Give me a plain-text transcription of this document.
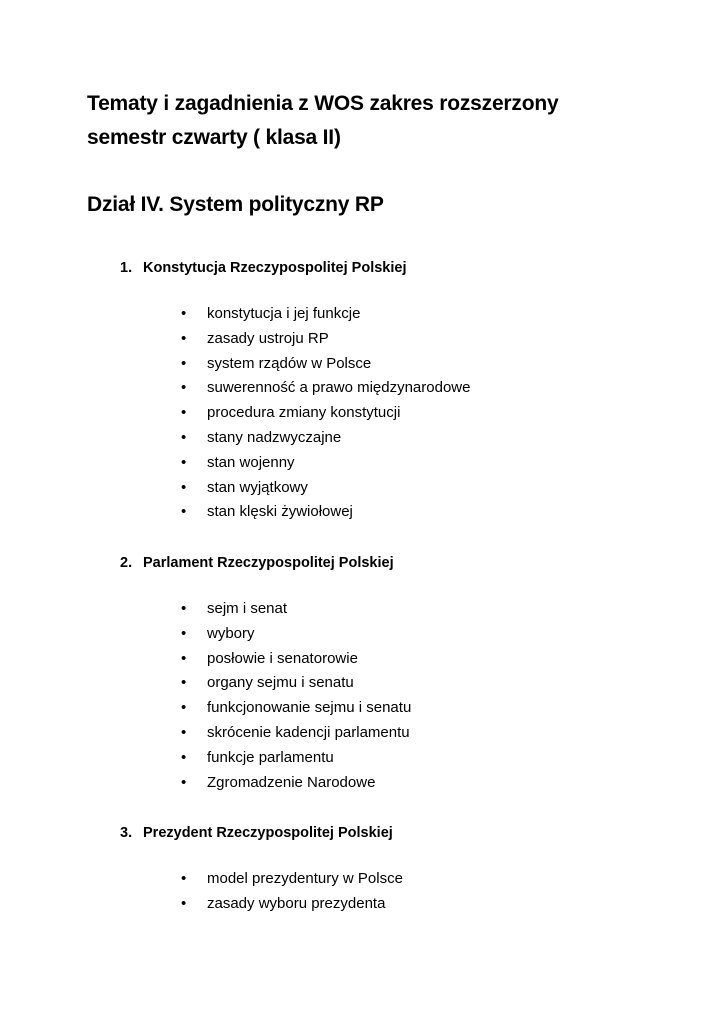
Tematy i zagadnienia z WOS zakres rozszerzony
semestr czwarty ( klasa II)
Dział IV. System polityczny RP
1. Konstytucja Rzeczypospolitej Polskiej
• konstytucja i jej funkcje
• zasady ustroju RP
• system rządów w Polsce
• suwerenność a prawo międzynarodowe
• procedura zmiany konstytucji
• stany nadzwyczajne
• stan wojenny
• stan wyjątkowy
• stan klęski żywiołowej
2. Parlament Rzeczypospolitej Polskiej
• sejm i senat
• wybory
• posłowie i senatorowie
• organy sejmu i senatu
• funkcjonowanie sejmu i senatu
• skrócenie kadencji parlamentu
• funkcje parlamentu
• Zgromadzenie Narodowe
3. Prezydent Rzeczypospolitej Polskiej
• model prezydentury w Polsce
• zasady wyboru prezydenta
